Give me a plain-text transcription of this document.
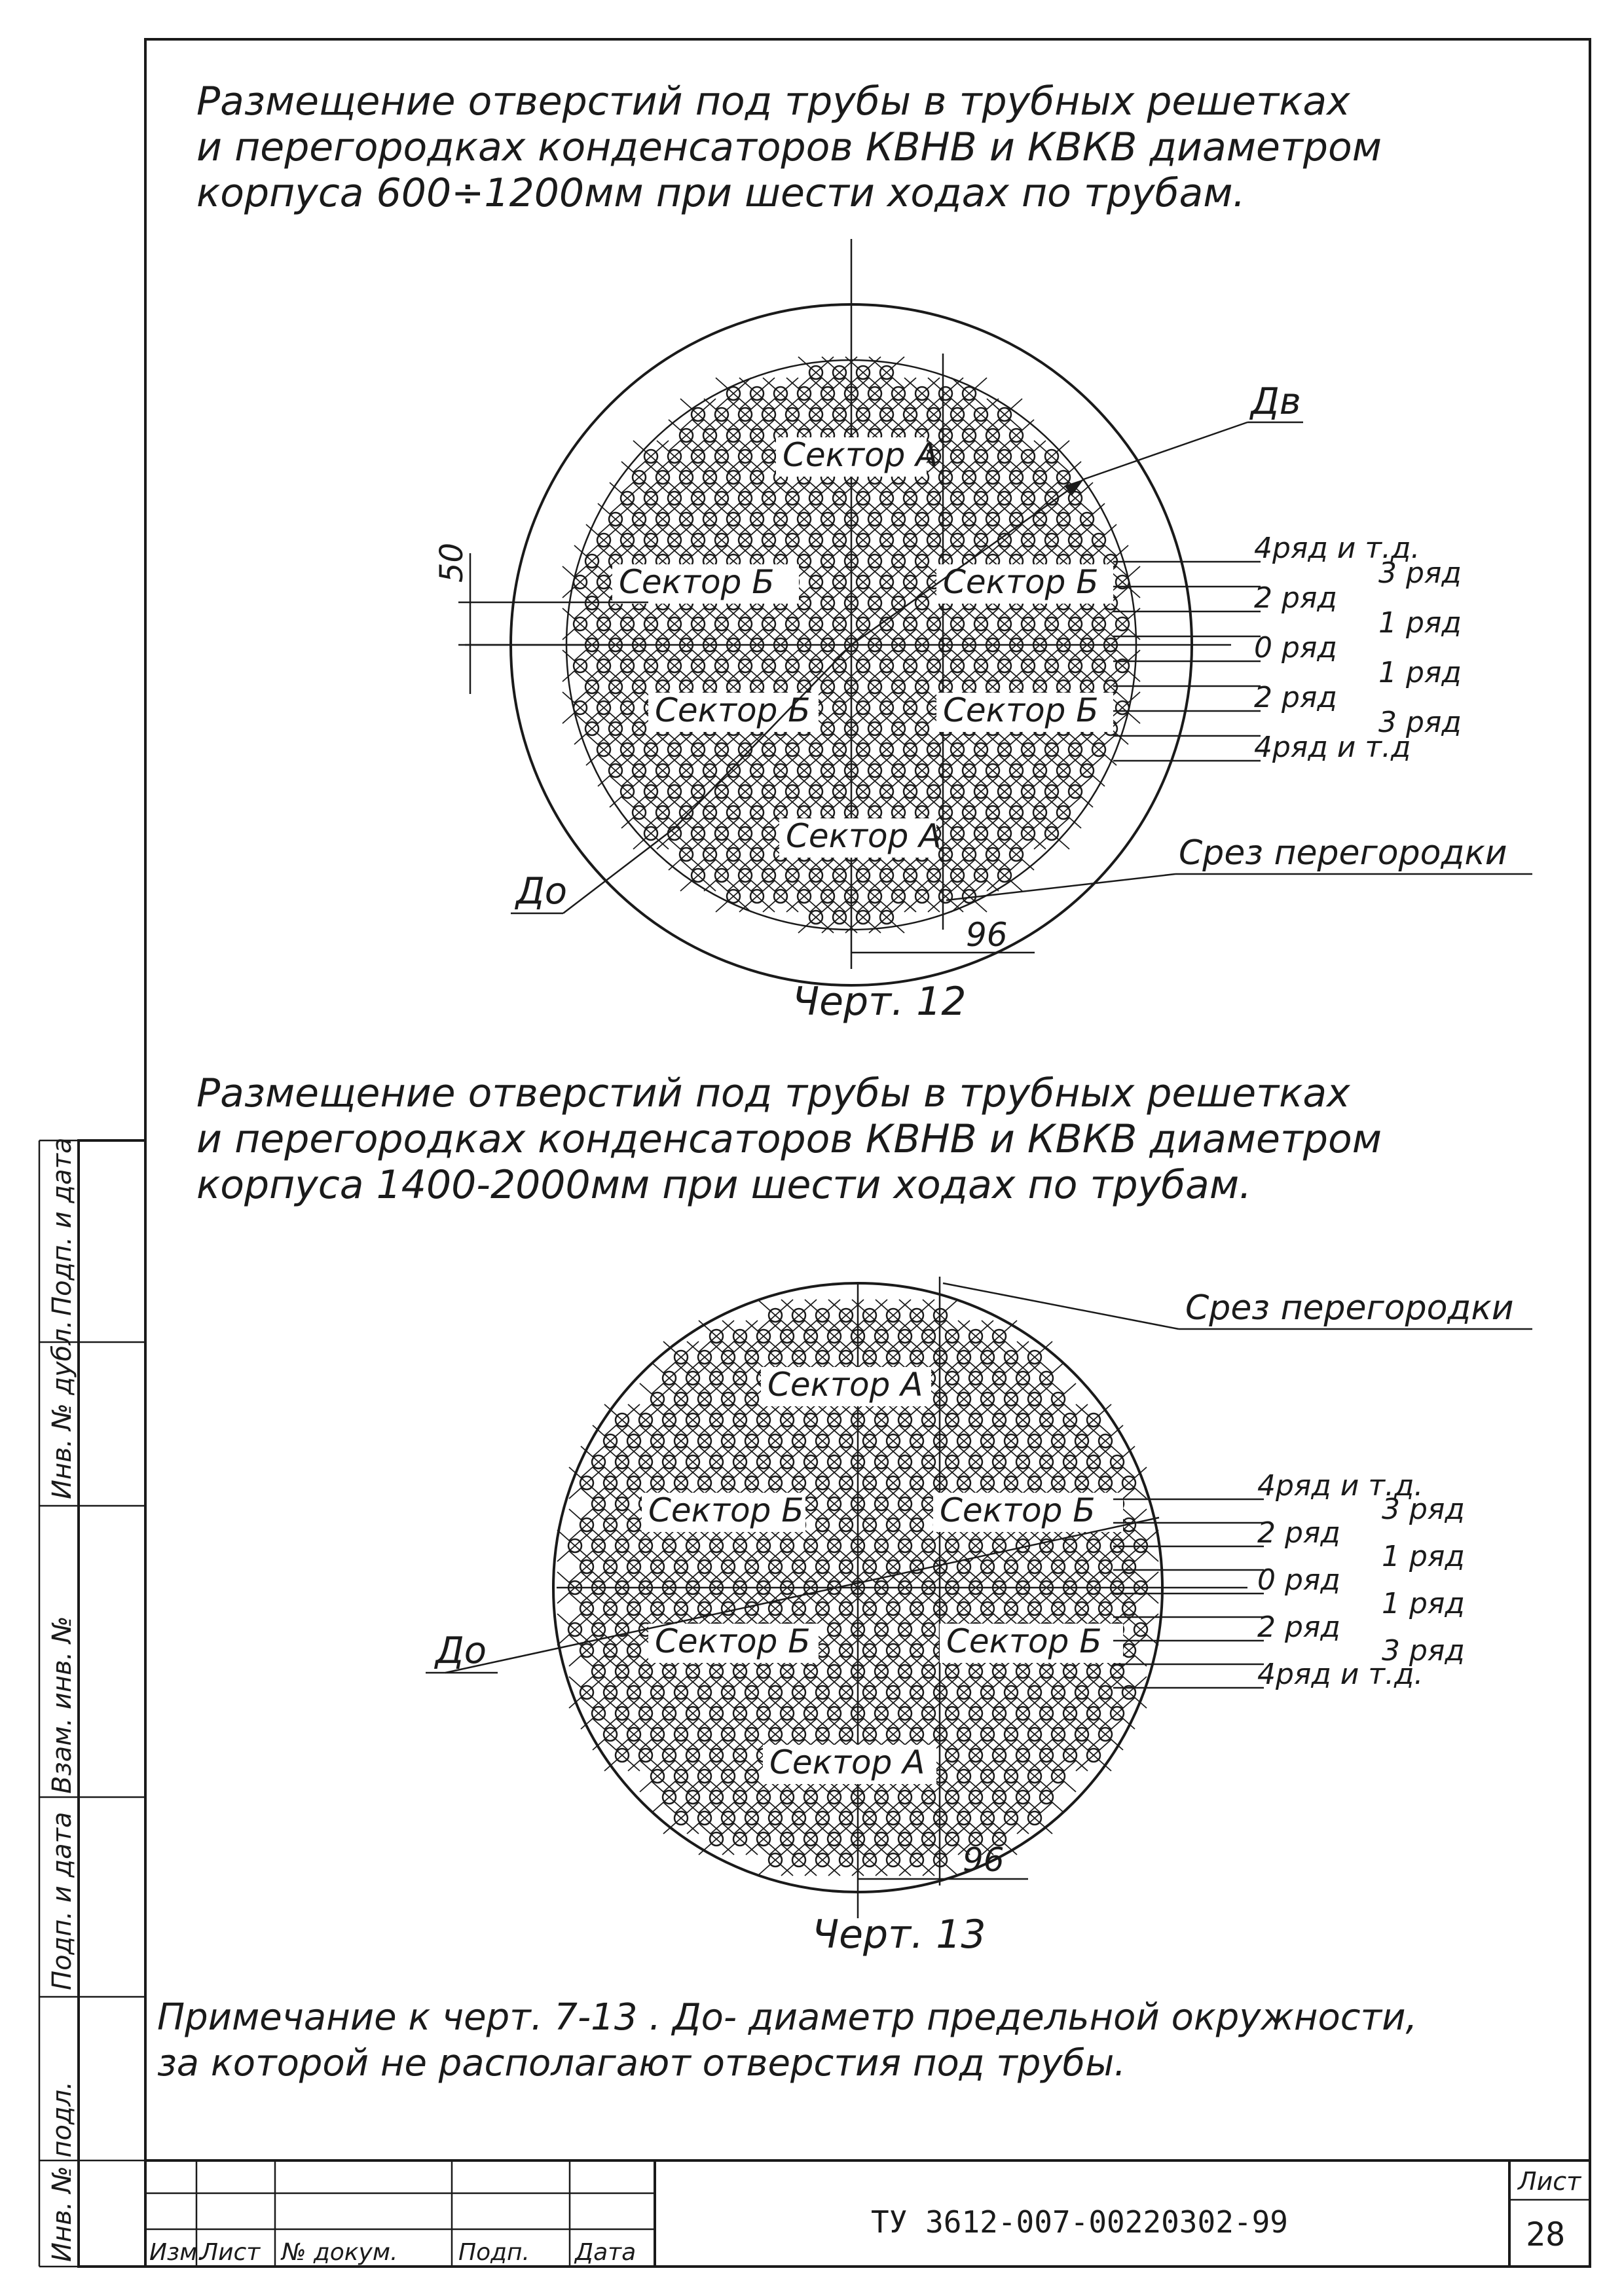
Подп. и дата
Инв. № дубл.
Взам. инв. №
Подп. и дата
Инв. № подл.
Размещение отверстий под трубы в трубных решетках
и перегородках конденсаторов КВНВ и КВКВ диаметром
корпуса 600÷1200мм при шести ходах по трубам.
Сектор А
Сектор Б	Сектор Б
Сектор Б	Сектор Б
Сектор А
Дв
До
50
Срез перегородки
96
Черт. 12
4ряд и т.д.
3 ряд
2 ряд
1 ряд
0 ряд
1 ряд
2 ряд
3 ряд
4ряд и т.д
Размещение отверстий под трубы в трубных решетках
и перегородках конденсаторов КВНВ и КВКВ диаметром
корпуса 1400-2000мм при шести ходах по трубам.
Сектор А
Сектор Б	Сектор Б
Сектор Б	Сектор Б
Сектор А
До
Срез перегородки
96
Черт. 13
4ряд и т.д.
3 ряд
2 ряд
1 ряд
0 ряд
1 ряд
2 ряд
3 ряд
4ряд и т.д.
Примечание к черт. 7-13 . До- диаметр предельной окружности,
за которой не располагают отверстия под трубы.
Изм.
Лист № докум.	Подп. Дата
ТУ 3612-007-00220302-99
Лист
28
